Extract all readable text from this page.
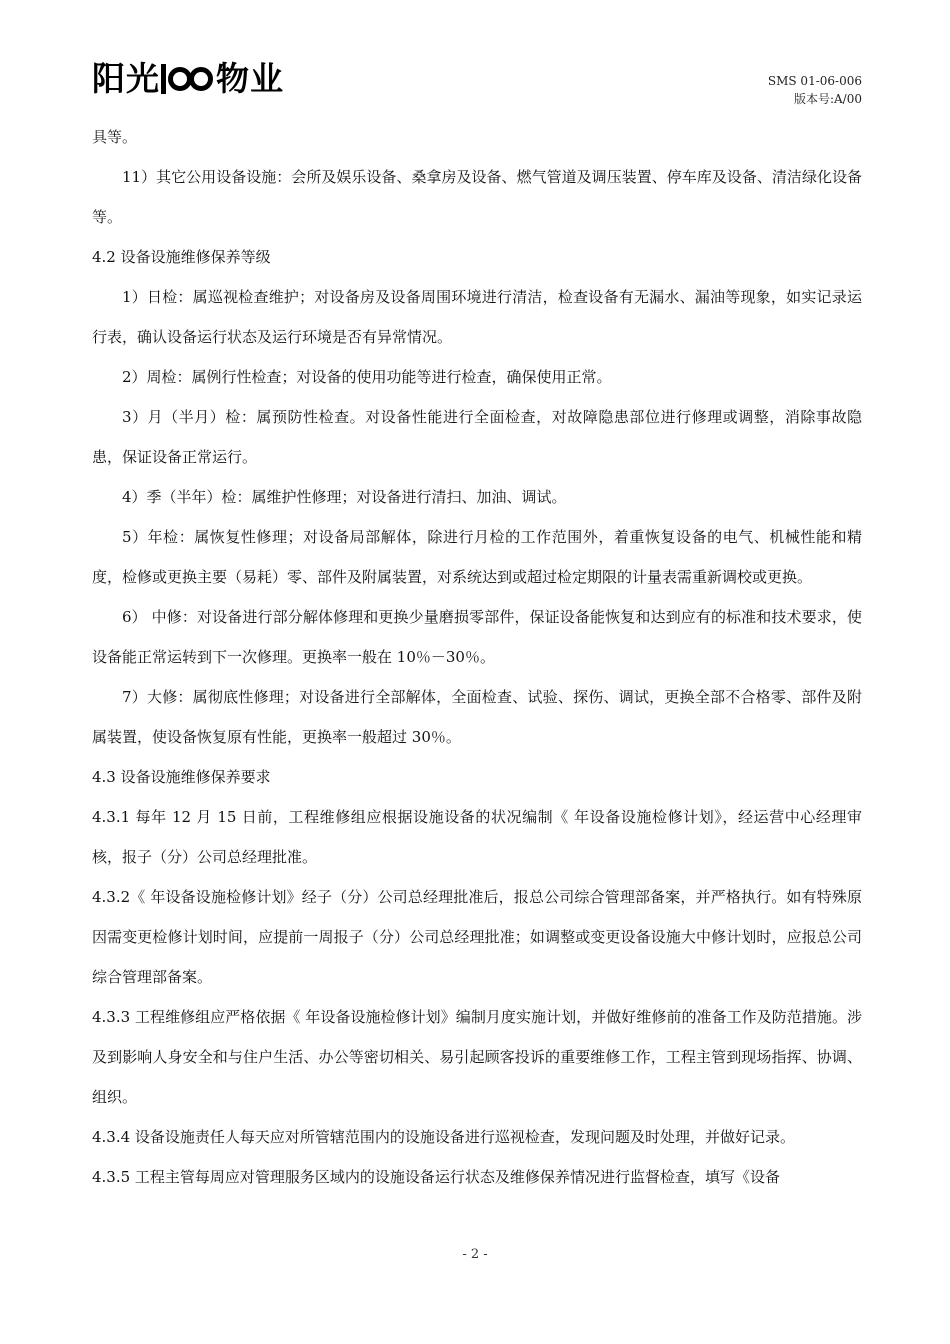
阳光 物业	SMS 01-06-006
版本号:A/00

具等。

11）其它公用设备设施：会所及娱乐设备、桑拿房及设备、燃气管道及调压装置、停车库及设备、清洁绿化设备等。

4.2 设备设施维修保养等级

1）日检：属巡视检查维护；对设备房及设备周围环境进行清洁，检查设备有无漏水、漏油等现象，如实记录运行表，确认设备运行状态及运行环境是否有异常情况。

2）周检：属例行性检查；对设备的使用功能等进行检查，确保使用正常。

3）月（半月）检：属预防性检查。对设备性能进行全面检查，对故障隐患部位进行修理或调整，消除事故隐患，保证设备正常运行。

4）季（半年）检：属维护性修理；对设备进行清扫、加油、调试。

5）年检：属恢复性修理；对设备局部解体，除进行月检的工作范围外，着重恢复设备的电气、机械性能和精度，检修或更换主要（易耗）零、部件及附属装置，对系统达到或超过检定期限的计量表需重新调校或更换。

6） 中修：对设备进行部分解体修理和更换少量磨损零部件，保证设备能恢复和达到应有的标准和技术要求，使设备能正常运转到下一次修理。更换率一般在 10％－30％。

7）大修：属彻底性修理；对设备进行全部解体，全面检查、试验、探伤、调试，更换全部不合格零、部件及附属装置，使设备恢复原有性能，更换率一般超过 30％。

4.3 设备设施维修保养要求

4.3.1 每年 12 月 15 日前，工程维修组应根据设施设备的状况编制《 年设备设施检修计划》，经运营中心经理审核，报子（分）公司总经理批准。

4.3.2《 年设备设施检修计划》经子（分）公司总经理批准后，报总公司综合管理部备案，并严格执行。如有特殊原因需变更检修计划时间，应提前一周报子（分）公司总经理批准；如调整或变更设备设施大中修计划时，应报总公司综合管理部备案。

4.3.3 工程维修组应严格依据《 年设备设施检修计划》编制月度实施计划，并做好维修前的准备工作及防范措施。涉及到影响人身安全和与住户生活、办公等密切相关、易引起顾客投诉的重要维修工作，工程主管到现场指挥、协调、组织。

4.3.4 设备设施责任人每天应对所管辖范围内的设施设备进行巡视检查，发现问题及时处理，并做好记录。

4.3.5 工程主管每周应对管理服务区域内的设施设备运行状态及维修保养情况进行监督检查，填写《设备

- 2 -
